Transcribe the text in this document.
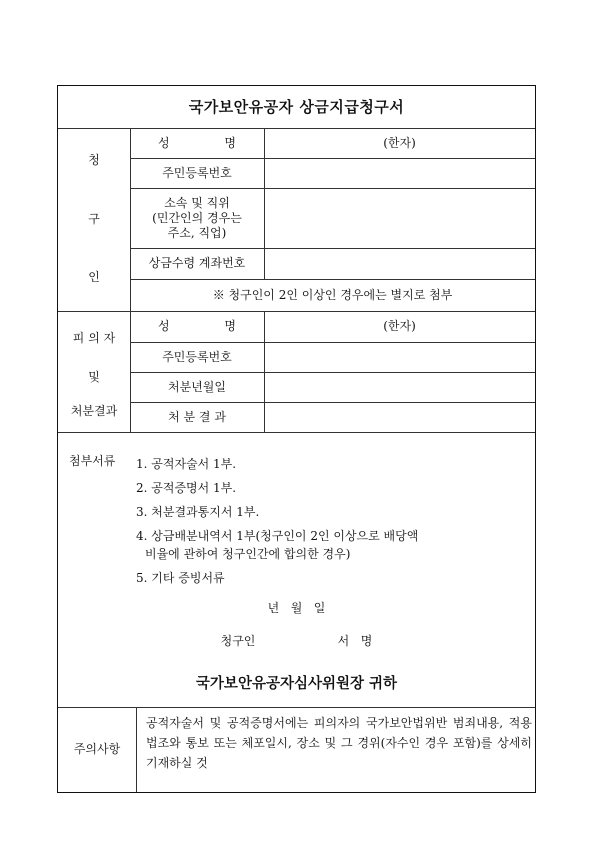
국가보안유공자 상금지급청구서
청
구
인
성	명	(한자)
주민등록번호
소속 및 직위
(민간인의 경우는
주소, 직업)
상금수령 계좌번호
※ 청구인이 2인 이상인 경우에는 별지로 첨부
피 의 자
및
처분결과
성	명	(한자)
주민등록번호
처분년월일
처 분 결 과
첨부서류 1. 공적자술서 1부.
2. 공적증명서 1부.
3. 처분결과통지서 1부.
4. 상금배분내역서 1부(청구인이 2인 이상으로 배당액
비율에 관하여 청구인간에 합의한 경우)
5. 기타 증빙서류
년   월   일
청구인	서   명
국가보안유공자심사위원장 귀하
주의사항
공적자술서 및 공적증명서에는 피의자의 국가보안법위반 범죄내용, 적용법조와 통보 또는 체포일시, 장소 및 그 경위(자수인 경우 포함)를 상세히 기재하실 것
